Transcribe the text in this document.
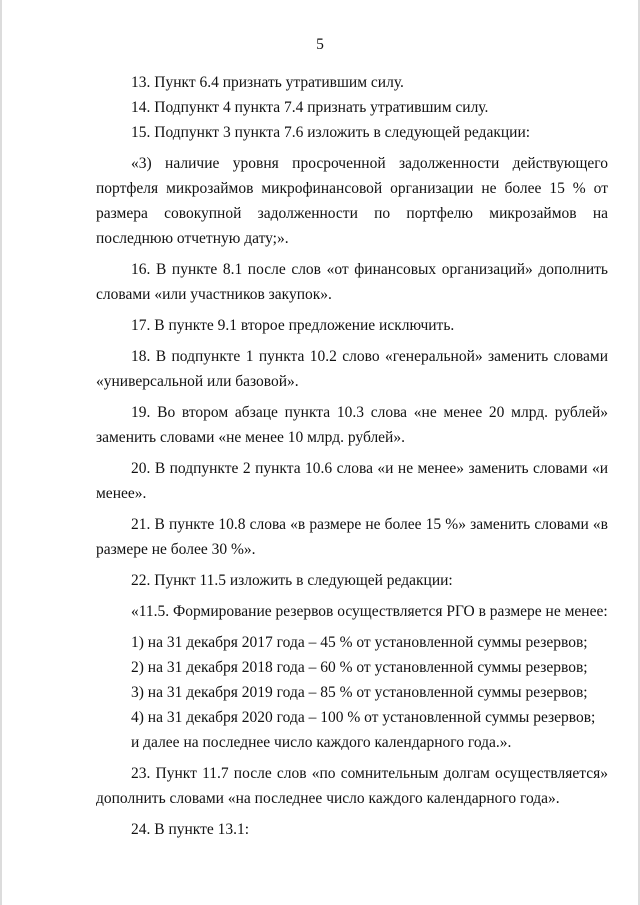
5

13. Пункт 6.4 признать утратившим силу.

14. Подпункт 4 пункта 7.4 признать утратившим силу.

15. Подпункт 3 пункта 7.6 изложить в следующей редакции:

«3) наличие уровня просроченной задолженности действующего портфеля микрозаймов микрофинансовой организации не более 15 % от размера совокупной задолженности по портфелю микрозаймов на последнюю отчетную дату;».

16. В пункте 8.1 после слов «от финансовых организаций» дополнить словами «или участников закупок».

17. В пункте 9.1 второе предложение исключить.

18. В подпункте 1 пункта 10.2 слово «генеральной» заменить словами «универсальной или базовой».

19. Во втором абзаце пункта 10.3 слова «не менее 20 млрд. рублей» заменить словами «не менее 10 млрд. рублей».

20. В подпункте 2 пункта 10.6 слова «и не менее» заменить словами «и менее».

21. В пункте 10.8 слова «в размере не более 15 %» заменить словами «в размере не более 30 %».

22. Пункт 11.5 изложить в следующей редакции:

«11.5. Формирование резервов осуществляется РГО в размере не менее:

1) на 31 декабря 2017 года – 45 % от установленной суммы резервов;

2) на 31 декабря 2018 года – 60 % от установленной суммы резервов;

3) на 31 декабря 2019 года – 85 % от установленной суммы резервов;

4) на 31 декабря 2020 года – 100 % от установленной суммы резервов;

и далее на последнее число каждого календарного года.».

23. Пункт 11.7 после слов «по сомнительным долгам осуществляется» дополнить словами «на последнее число каждого календарного года».

24. В пункте 13.1:
